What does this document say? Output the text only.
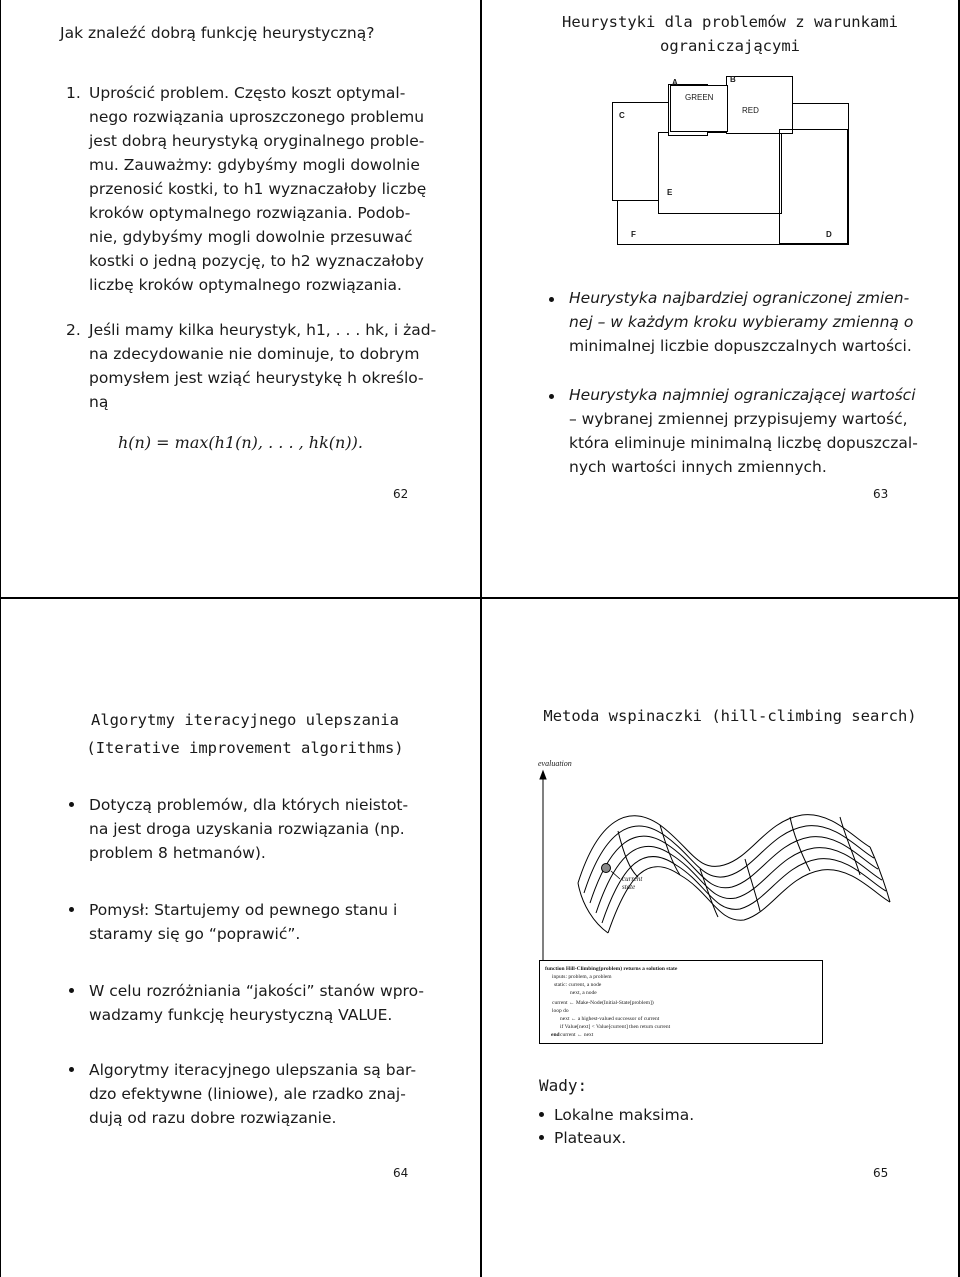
Jak znaleźć dobrą funkcję heurystyczną?
1. Uprościć problem. Często koszt optymal-

nego rozwiązania uproszczonego problemu

jest dobrą heurystyką oryginalnego proble-

mu. Zauważmy: gdybyśmy mogli dowolnie

przenosić kostki, to h1 wyznaczałoby liczbę

kroków optymalnego rozwiązania. Podob-

nie, gdybyśmy mogli dowolnie przesuwać

kostki o jedną pozycję, to h2 wyznaczałoby

liczbę kroków optymalnego rozwiązania.

2. Jeśli mamy kilka heurystyk, h1, . . . hk, i żad-

na zdecydowanie nie dominuje, to dobrym

pomysłem jest wziąć heurystykę h określo-

ną

h(n) = max(h1(n), . . . , hk(n)).
62
Heurystyki dla problemów z warunkami
ograniczającymi
A	B
C
D
E
F
GREEN
RED
Heurystyka najbardziej ograniczonej zmien-
nej – w każdym kroku wybieramy zmienną o
minimalnej liczbie dopuszczalnych wartości.
Heurystyka najmniej ograniczającej wartości
– wybranej zmiennej przypisujemy wartość,
która eliminuje minimalną liczbę dopuszczal-
nych wartości innych zmiennych.
63
Algorytmy iteracyjnego ulepszania
(Iterative improvement algorithms)
Dotyczą problemów, dla których nieistot-
na jest droga uzyskania rozwiązania (np.
problem 8 hetmanów).
Pomysł: Startujemy od pewnego stanu i
staramy się go “poprawić”.
W celu rozróżniania “jakości” stanów wpro-
wadzamy funkcję heurystyczną VALUE.
Algorytmy iteracyjnego ulepszania są bar-
dzo efektywne (liniowe), ale rzadko znaj-
dują od razu dobre rozwiązanie.
64
Metoda wspinaczki (hill-climbing search)
evaluation
current
state
function Hill-Climbing(problem) returns a solution state
inputs: problem, a problem
static: current, a node
next, a node
current ← Make-Node(Initial-State[problem])
loop do
next ← a highest-valued successor of current
if Value[next] < Value[current] then return current
current ← next
end
Wady:
Lokalne maksima.
Plateaux.
65
